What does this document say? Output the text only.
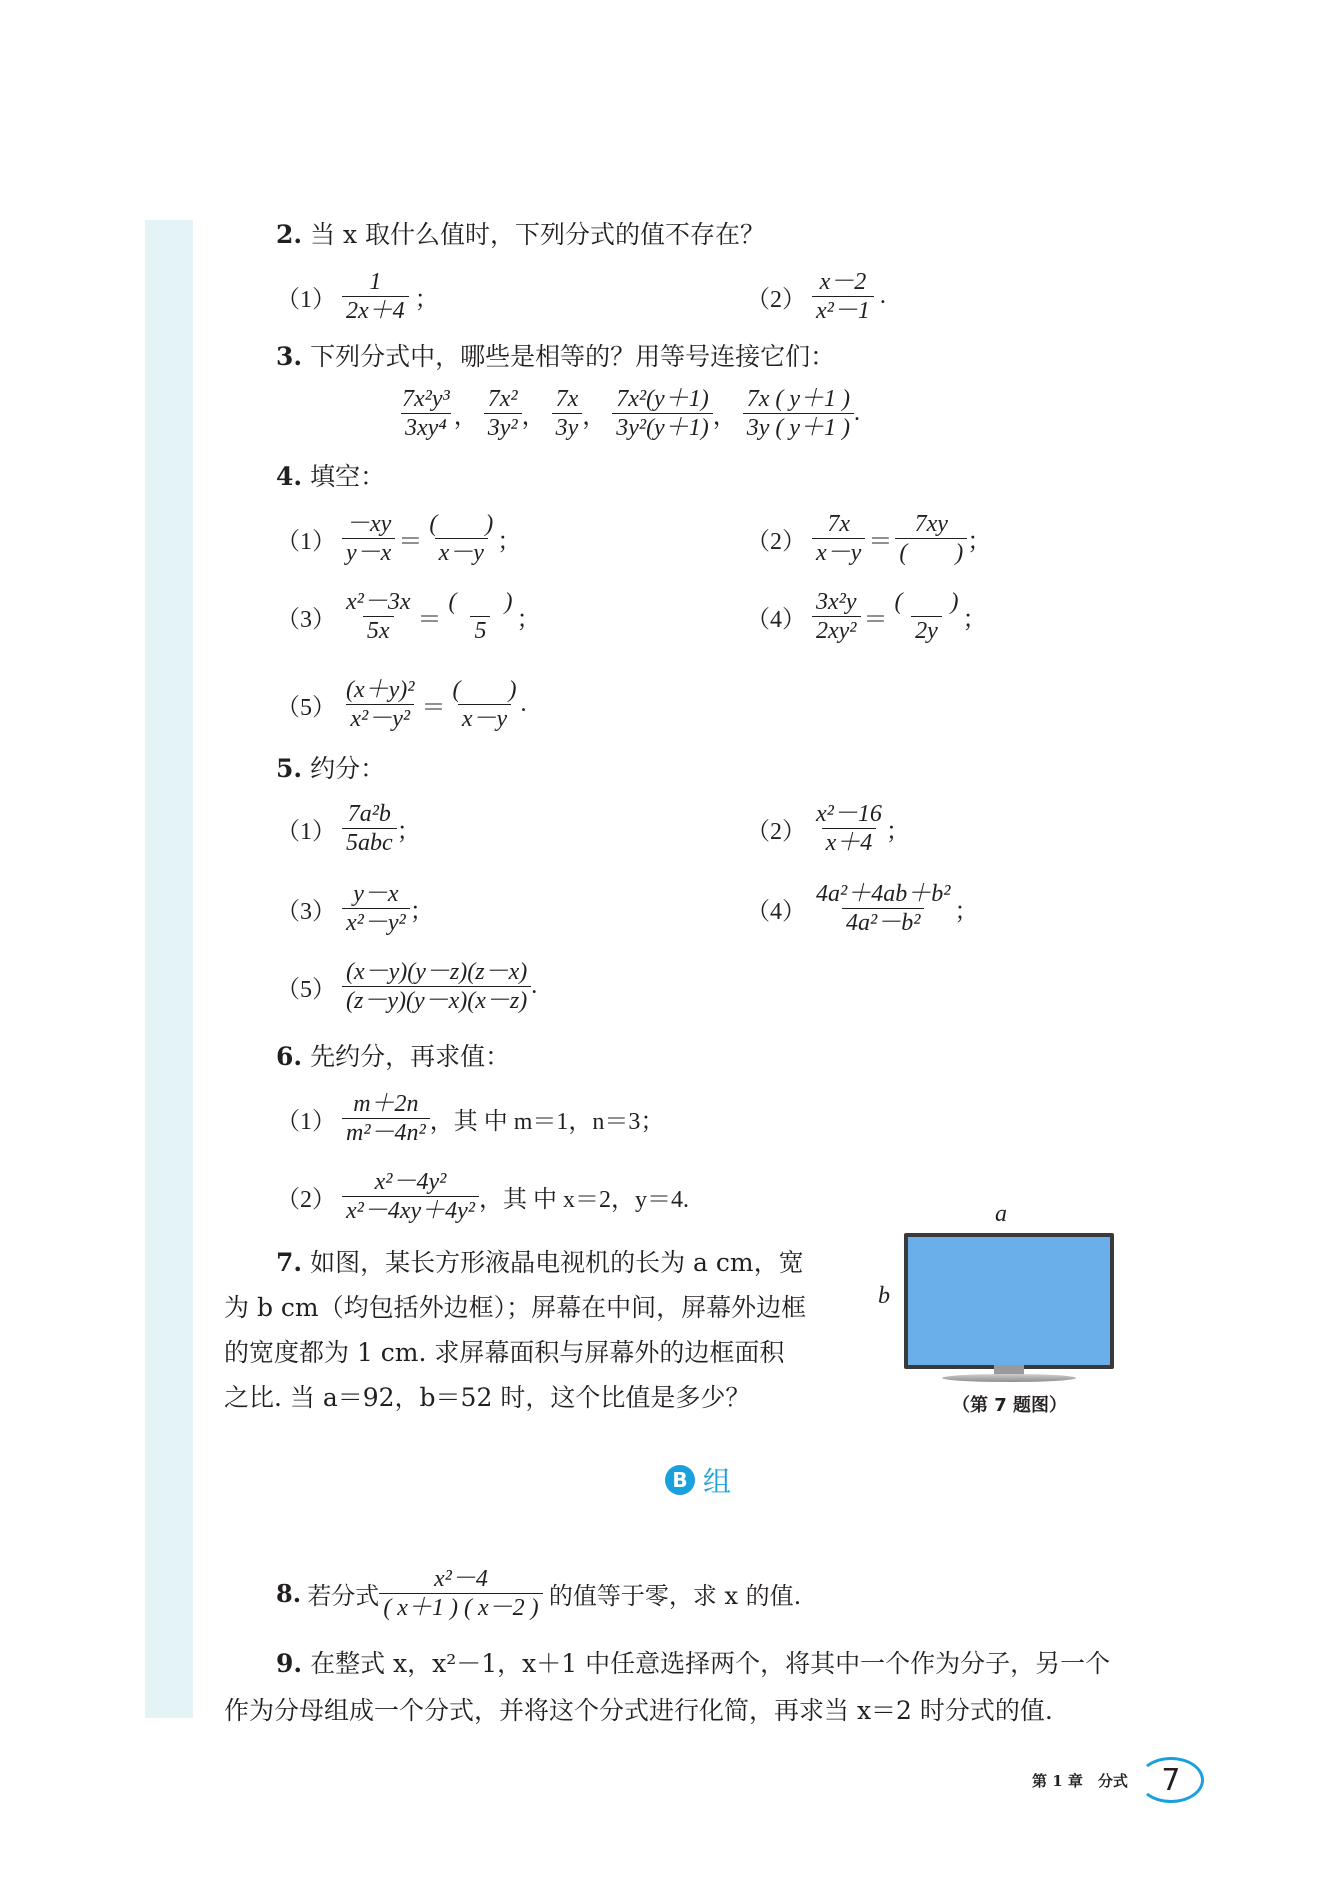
2. 当 x 取什么值时，下列分式的值不存在？
$(1) \frac{1}{2x+4}$ ；	$(2) \frac{x-2}{\text{x²－1}}$ .
3. 下列分式中，哪些是相等的？用等号连接它们：
$\frac{\text{7x²y³}}{\text{3xy⁴}}$ ， $\frac{\text{7x²}}{\text{3y²}}$ ， $\frac{7x}{3y}$ ， $\frac{\text{7x²(y＋1)}}{\text{3y²(y＋1)}}$ ， $\frac{7x ( y+1 )}{3y ( y+1 )}$ .
4. 填空：
$(1) \frac{-xy}{y-x} = \frac{( )}{x-y}$ ；	$(2) \frac{7x}{x-y} = \frac{7xy}{( )}$ ；
$(3) \frac{\text{x²－3x}}{5x} = \frac{( )}{5}$ ；	$(4) \frac{\text{3x²y}}{\text{2xy²}} = \frac{( )}{2y}$ ；
$(5) \frac{\text{(x＋y)²}}{\text{x²－y²}} = \frac{( )}{x-y}$ .
5. 约分：
$(1) \frac{\text{7a²b}}{\text{5abc}}$ ；	$(2) \frac{\text{x²－16}}{x+4}$ ；
$(3) \frac{y-x}{\text{x²－y²}}$ ；	$(4) \frac{\text{4a²＋4ab＋b²}}{\text{4a²－b²}}$ ；
$(5) \frac{(x-y)(y-z)(z-x)}{(z-y)(y-x)(x-z)}$ .
6. 先约分，再求值：
$(1) \frac{m+2n}{\text{m²－4n²}}$ ，其 中 m＝1，n＝3；
$(2) \frac{\text{x²－4y²}}{\text{x²－4xy＋4y²}}$ ，其 中 x＝2，y＝4.
7. 如图，某长方形液晶电视机的长为 a cm，宽
为 b cm（均包括外边框）；屏幕在中间，屏幕外边框
的宽度都为 1 cm. 求屏幕面积与屏幕外的边框面积
之比. 当 a＝92，b＝52 时，这个比值是多少？
a
b
（第 7 题图）
B 组
8. 若分式 $\frac{\text{x²－4}}{( x+1 ) ( x-2 )}$ 的值等于零，求 x 的值.
9. 在整式 x，x²－1，x＋1 中任意选择两个，将其中一个作为分子，另一个
作为分母组成一个分式，并将这个分式进行化简，再求当 x＝2 时分式的值.
第 1 章　分式	7
